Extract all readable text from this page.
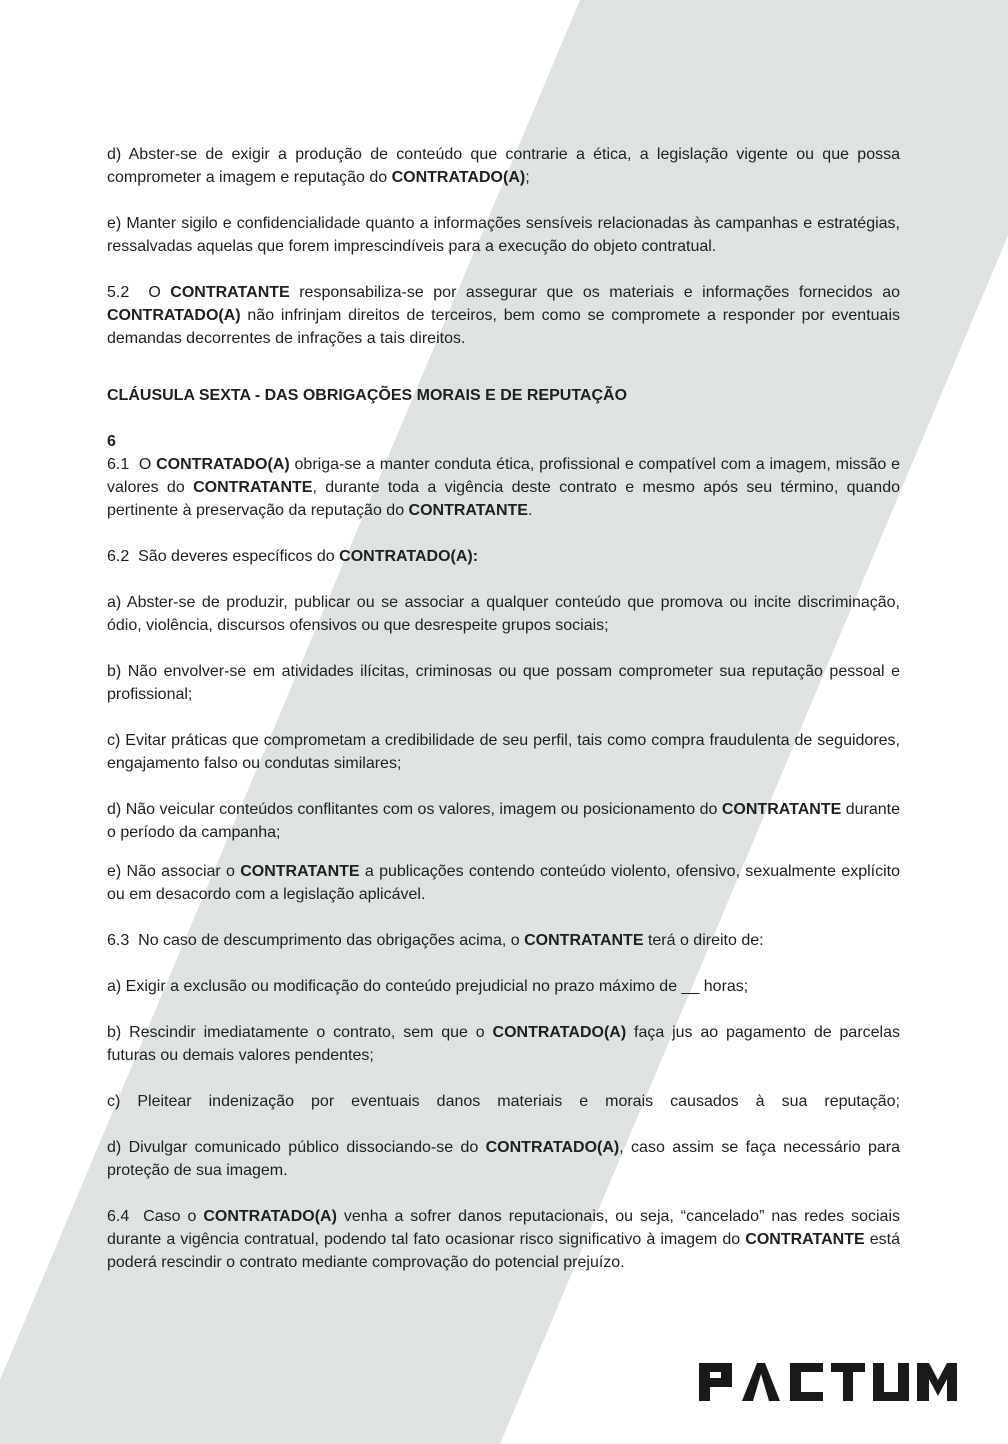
d) Abster-se de exigir a produção de conteúdo que contrarie a ética, a legislação vigente ou que possa comprometer a imagem e reputação do CONTRATADO(A);

e) Manter sigilo e confidencialidade quanto a informações sensíveis relacionadas às campanhas e estratégias, ressalvadas aquelas que forem imprescindíveis para a execução do objeto contratual.

5.2  O CONTRATANTE responsabiliza-se por assegurar que os materiais e informações fornecidos ao CONTRATADO(A) não infrinjam direitos de terceiros, bem como se compromete a responder por eventuais demandas decorrentes de infrações a tais direitos.

CLÁUSULA SEXTA - DAS OBRIGAÇÕES MORAIS E DE REPUTAÇÃO

6

6.1  O CONTRATADO(A) obriga-se a manter conduta ética, profissional e compatível com a imagem, missão e valores do CONTRATANTE, durante toda a vigência deste contrato e mesmo após seu término, quando pertinente à preservação da reputação do CONTRATANTE.

6.2  São deveres específicos do CONTRATADO(A):

a) Abster-se de produzir, publicar ou se associar a qualquer conteúdo que promova ou incite discriminação, ódio, violência, discursos ofensivos ou que desrespeite grupos sociais;

b) Não envolver-se em atividades ilícitas, criminosas ou que possam comprometer sua reputação pessoal e profissional;

c) Evitar práticas que comprometam a credibilidade de seu perfil, tais como compra fraudulenta de seguidores, engajamento falso ou condutas similares;

d) Não veicular conteúdos conflitantes com os valores, imagem ou posicionamento do CONTRATANTE durante o período da campanha;

e) Não associar o CONTRATANTE a publicações contendo conteúdo violento, ofensivo, sexualmente explícito ou em desacordo com a legislação aplicável.

6.3  No caso de descumprimento das obrigações acima, o CONTRATANTE terá o direito de:

a) Exigir a exclusão ou modificação do conteúdo prejudicial no prazo máximo de __ horas;

b) Rescindir imediatamente o contrato, sem que o CONTRATADO(A) faça jus ao pagamento de parcelas futuras ou demais valores pendentes;

c) Pleitear indenização por eventuais danos materiais e morais causados à sua reputação;

d) Divulgar comunicado público dissociando-se do CONTRATADO(A), caso assim se faça necessário para proteção de sua imagem.

6.4  Caso o CONTRATADO(A) venha a sofrer danos reputacionais, ou seja, “cancelado” nas redes sociais durante a vigência contratual, podendo tal fato ocasionar risco significativo à imagem do CONTRATANTE está poderá rescindir o contrato mediante comprovação do potencial prejuízo.
